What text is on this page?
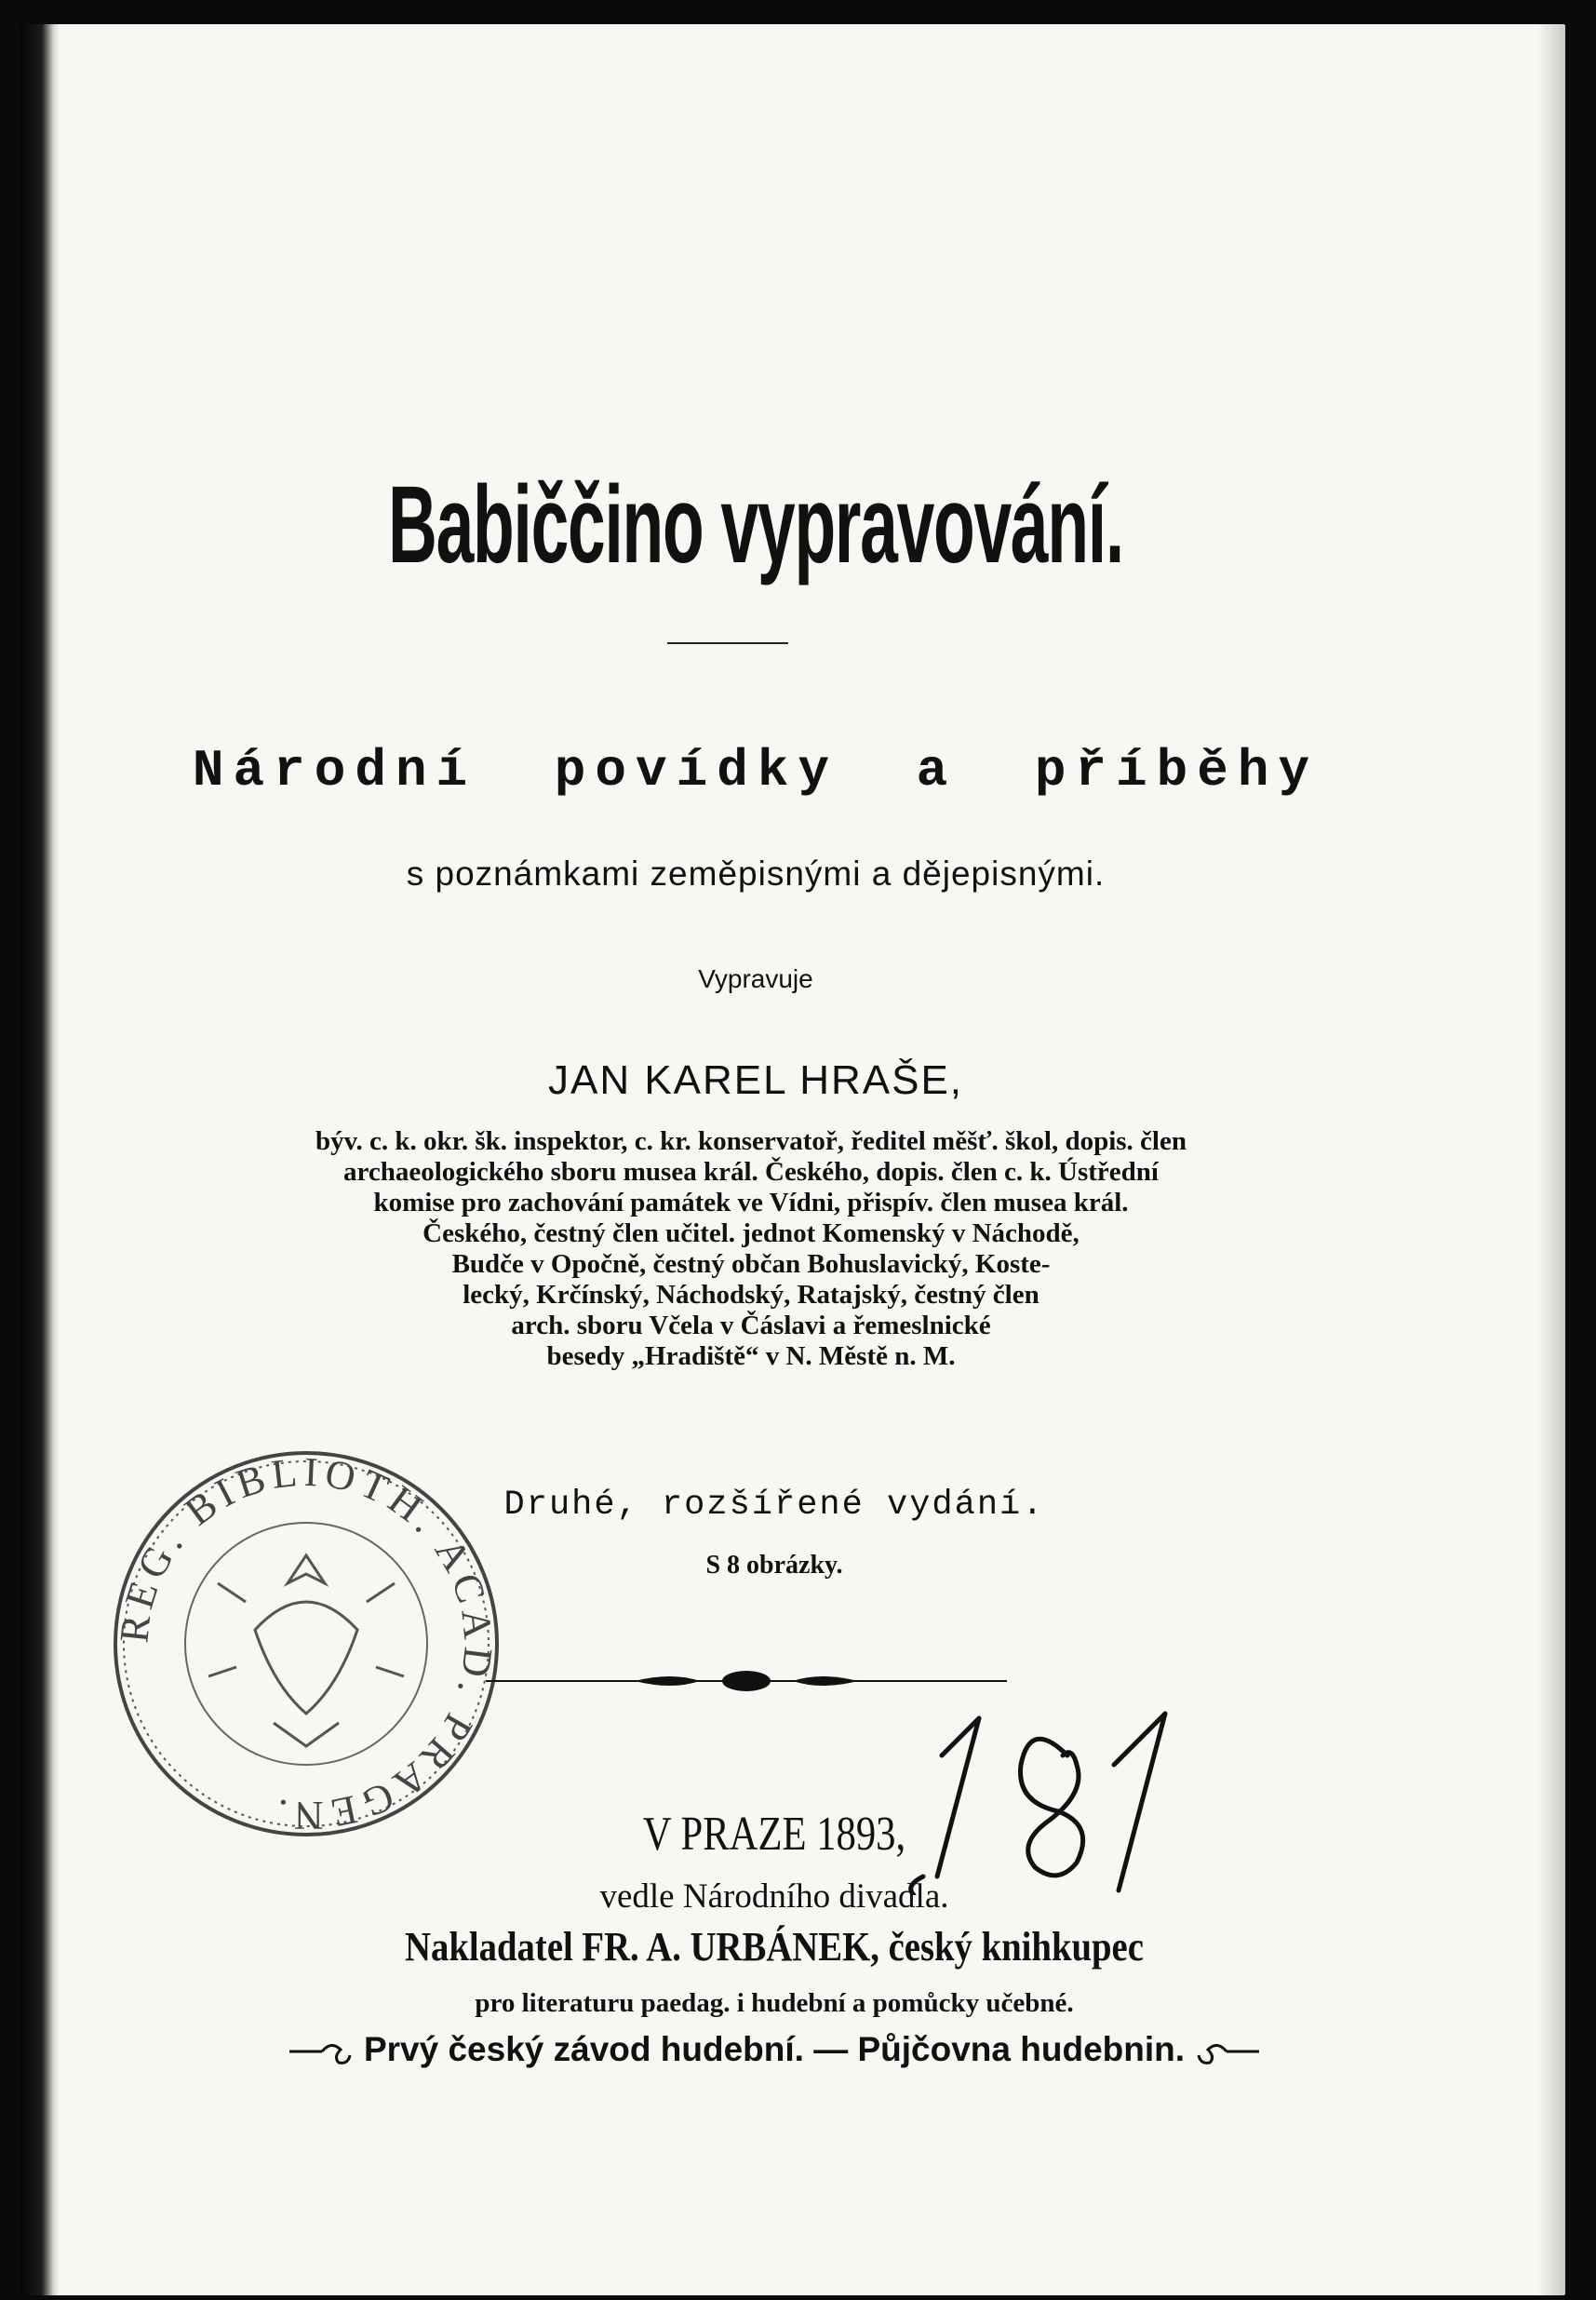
Babiččino vypravování.
Národní povídky a příběhy
s poznámkami zeměpisnými a dějepisnými.
Vypravuje
JAN KAREL HRAŠE,
býv. c. k. okr. šk. inspektor, c. kr. konservatoř, ředitel měšť. škol, dopis. člen
archaeologického sboru musea král. Českého, dopis. člen c. k. Ústřední
komise pro zachování památek ve Vídni, přispív. člen musea král.
Českého, čestný člen učitel. jednot Komenský v Náchodě,
Budče v Opočně, čestný občan Bohuslavický, Koste-
lecký, Krčínský, Náchodský, Ratajský, čestný člen
arch. sboru Včela v Čáslavi a řemeslnické
besedy „Hradiště“ v N. Městě n. M.
REG. BIBLIOTH. ACAD. PRAGEN.
Druhé, rozšířené vydání.
S 8 obrázky.
V PRAZE 1893,
vedle Národního divadla.
Nakladatel FR. A. URBÁNEK, český knihkupec
pro literaturu paedag. i hudební a pomůcky učebné.
Prvý český závod hudební. — Půjčovna hudebnin.
